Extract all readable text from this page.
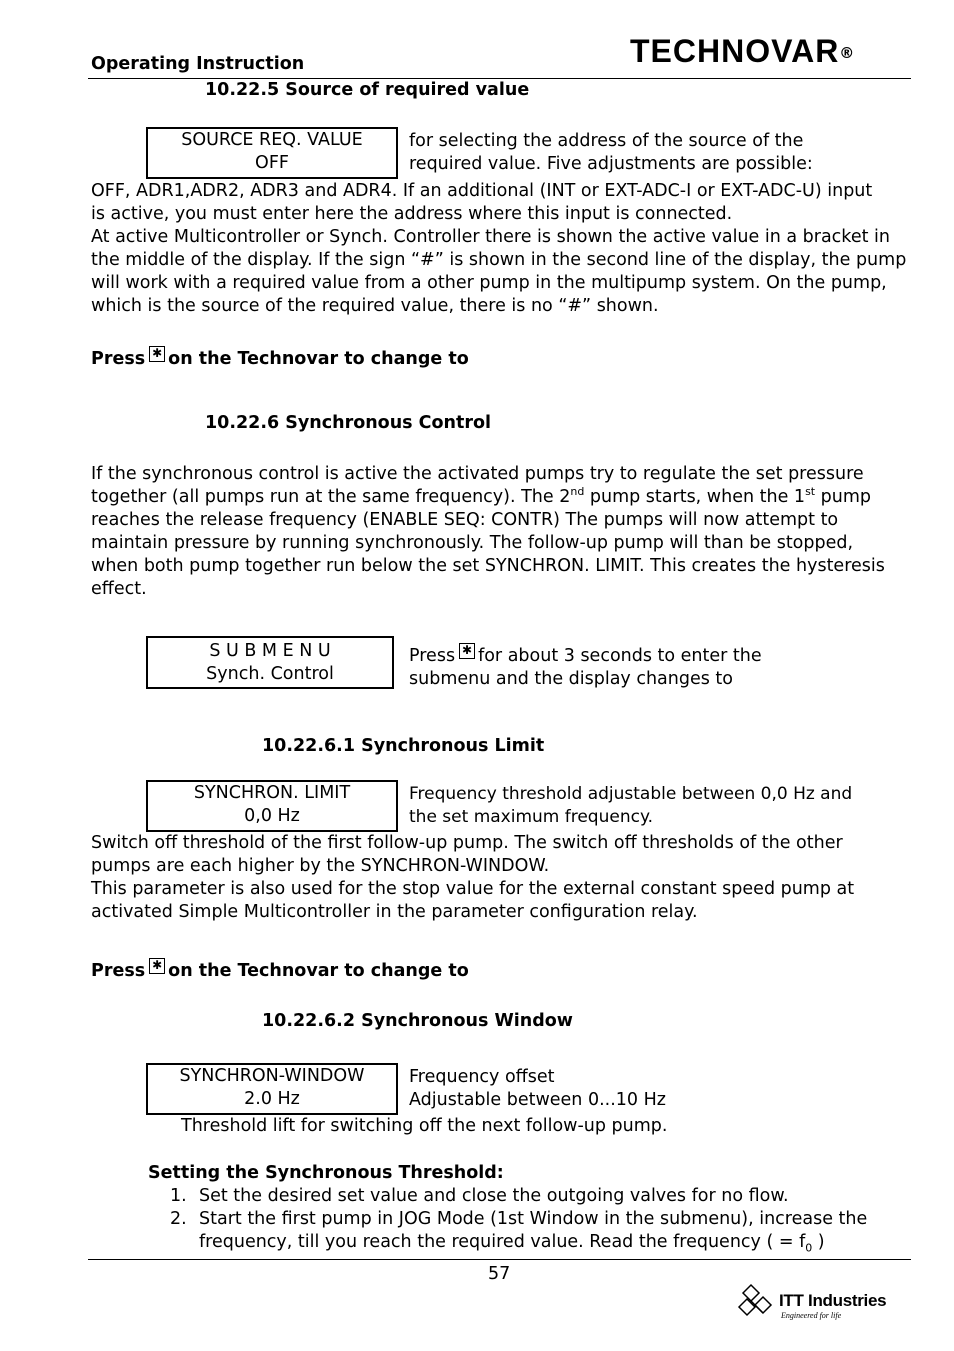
Operating Instruction	TECHNOVAR®
10.22.5 Source of required value
SOURCE REQ. VALUE
OFF
for selecting the address of the source of the
required value. Five adjustments are possible:
OFF, ADR1,ADR2, ADR3 and ADR4. If an additional (INT or EXT-ADC-I or EXT-ADC-U) input
is active, you must enter here the address where this input is connected.
At active Multicontroller or Synch. Controller there is shown the active value in a bracket in
the middle of the display. If the sign “#” is shown in the second line of the display, the pump
will work with a required value from a other pump in the multipump system. On the pump,
which is the source of the required value, there is no “#” shown.
Press ✱ on the Technovar to change to
10.22.6 Synchronous Control
If the synchronous control is active the activated pumps try to regulate the set pressure
together (all pumps run at the same frequency). The 2nd pump starts, when the 1st pump
reaches the release frequency (ENABLE SEQ: CONTR) The pumps will now attempt to
maintain pressure by running synchronously. The follow-up pump will than be stopped,
when both pump together run below the set SYNCHRON. LIMIT. This creates the hysteresis
effect.
S U B M E N U
Synch. Control
Press ✱ for about 3 seconds to enter the
submenu and the display changes to
10.22.6.1 Synchronous Limit
SYNCHRON. LIMIT
0,0 Hz
Frequency threshold adjustable between 0,0 Hz and
the set maximum frequency.
Switch off threshold of the first follow-up pump. The switch off thresholds of the other
pumps are each higher by the SYNCHRON-WINDOW.
This parameter is also used for the stop value for the external constant speed pump at
activated Simple Multicontroller in the parameter configuration relay.
Press ✱ on the Technovar to change to
10.22.6.2 Synchronous Window
SYNCHRON-WINDOW
2.0 Hz
Frequency offset
Adjustable between 0...10 Hz
Threshold lift for switching off the next follow-up pump.
Setting the Synchronous Threshold:
1. Set the desired set value and close the outgoing valves for no flow.
2. Start the first pump in JOG Mode (1st Window in the submenu), increase the
frequency, till you reach the required value. Read the frequency ( = $f_0$ )
57
ITT Industries
Engineered for life
